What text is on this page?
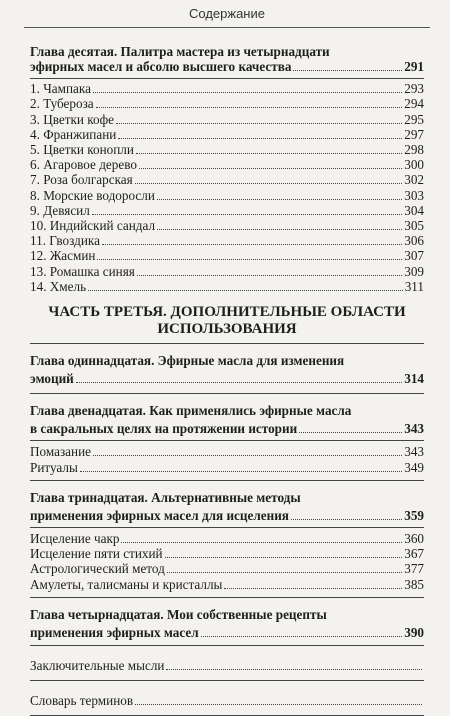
Содержание
Глава десятая. Палитра мастера из четырнадцати
эфирных масел и абсолю высшего качества	291
1. Чампака	293
2. Тубероза	294
3. Цветки кофе	295
4. Франжипани	297
5. Цветки конопли	298
6. Агаровое дерево	300
7. Роза болгарская	302
8. Морские водоросли	303
9. Девясил	304
10. Индийский сандал	305
11. Гвоздика	306
12. Жасмин	307
13. Ромашка синяя	309
14. Хмель	311
ЧАСТЬ ТРЕТЬЯ. ДОПОЛНИТЕЛЬНЫЕ ОБЛАСТИ
ИСПОЛЬЗОВАНИЯ
Глава одиннадцатая. Эфирные масла для изменения
эмоций	314
Глава двенадцатая. Как применялись эфирные масла
в сакральных целях на протяжении истории	343
Помазание	343
Ритуалы	349
Глава тринадцатая. Альтернативные методы
применения эфирных масел для исцеления	359
Исцеление чакр	360
Исцеление пяти стихий	367
Астрологический метод	377
Амулеты, талисманы и кристаллы	385
Глава четырнадцатая. Мои собственные рецепты
применения эфирных масел	390
Заключительные мысли
Словарь терминов
